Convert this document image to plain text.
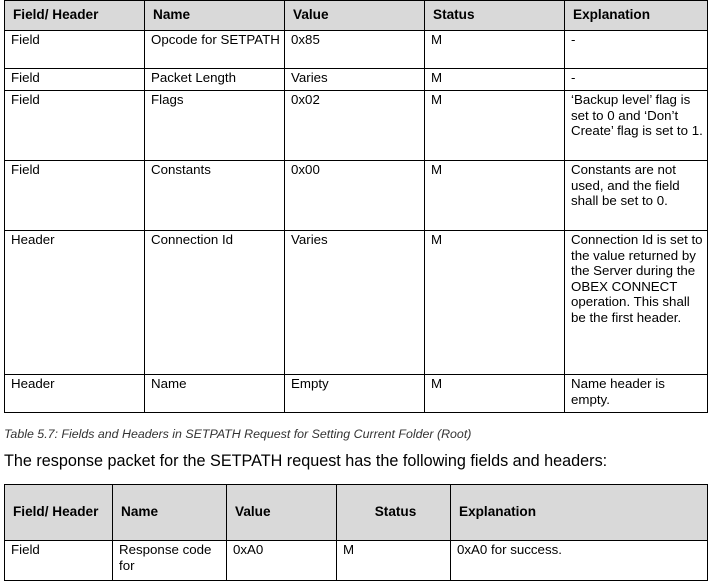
Field/ Header	Name	Value	Status	Explanation
Field	Opcode for SETPATH	0x85	M	-
Field	Packet Length	Varies	M	-
Field	Flags	0x02	M	‘Backup level’ flag is set to 0 and ‘Don’t Create’ flag is set to 1.
Field	Constants	0x00	M	Constants are not used, and the field shall be set to 0.
Header	Connection Id	Varies	M	Connection Id is set to the value returned by the Server during the OBEX CONNECT operation. This shall be the first header.
Header	Name	Empty	M	Name header is empty.
Table 5.7: Fields and Headers in SETPATH Request for Setting Current Folder (Root)
The response packet for the SETPATH request has the following fields and headers:
Field/ Header	Name	Value	Status	Explanation
Field	Response code for	0xA0	M	0xA0 for success.
